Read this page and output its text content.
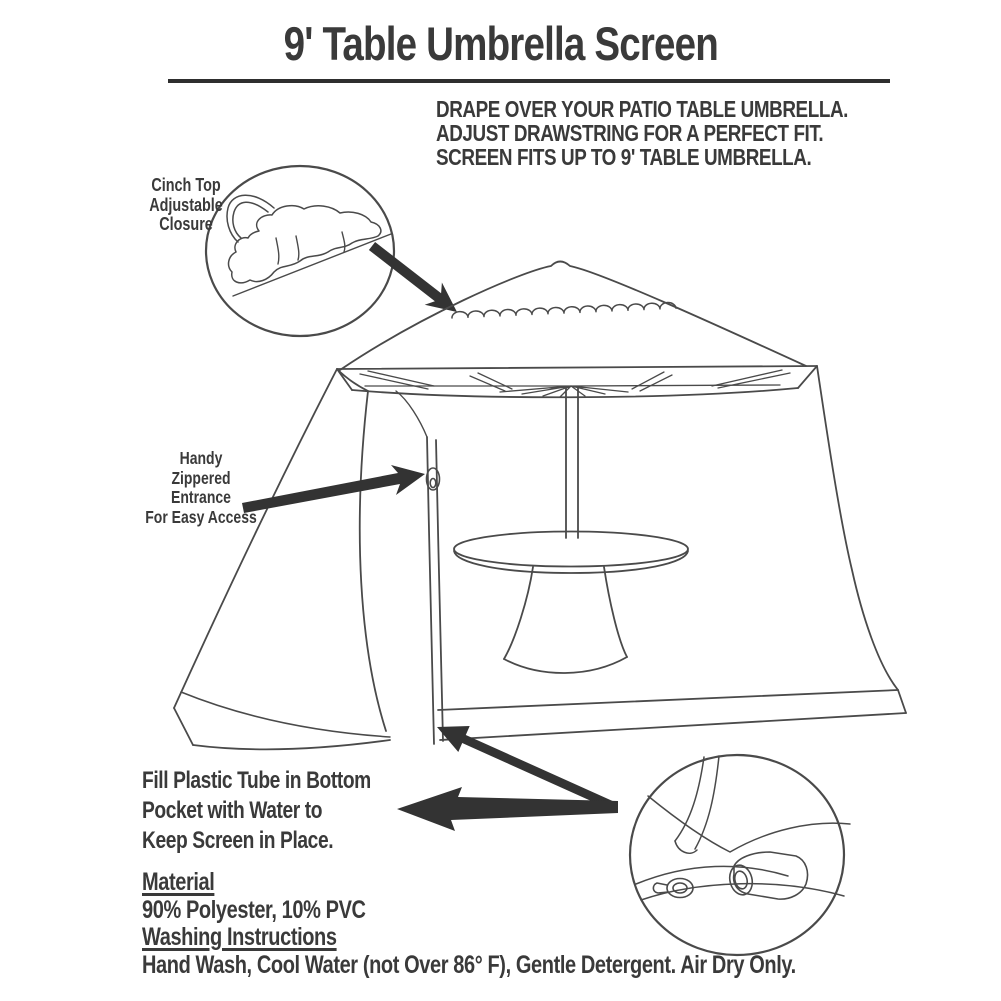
9' Table Umbrella Screen
DRAPE OVER YOUR PATIO TABLE UMBRELLA.
ADJUST DRAWSTRING FOR A PERFECT FIT.
SCREEN FITS UP TO 9' TABLE UMBRELLA.
Cinch Top
Adjustable
Closure
Handy
Zippered
Entrance
For Easy Access
Fill Plastic Tube in Bottom
Pocket with Water to
Keep Screen in Place.
Material
90% Polyester, 10% PVC
Washing Instructions
Hand Wash, Cool Water (not Over 86° F), Gentle Detergent. Air Dry Only.
